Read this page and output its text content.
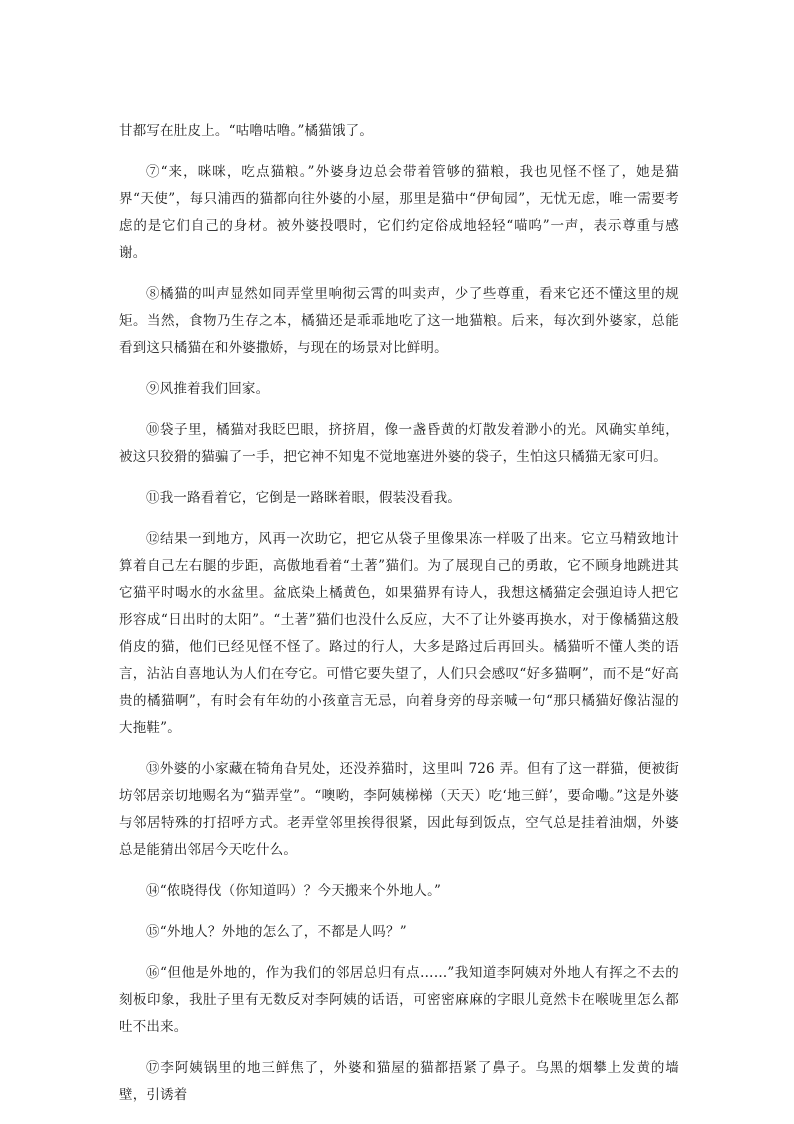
甘都写在肚皮上。“咕噜咕噜。”橘猫饿了。

⑦“来，咪咪，吃点猫粮。”外婆身边总会带着管够的猫粮，我也见怪不怪了，她是猫界“天使”，每只浦西的猫都向往外婆的小屋，那里是猫中“伊甸园”，无忧无虑，唯一需要考虑的是它们自己的身材。被外婆投喂时，它们约定俗成地轻轻“喵呜”一声，表示尊重与感谢。

⑧橘猫的叫声显然如同弄堂里响彻云霄的叫卖声，少了些尊重，看来它还不懂这里的规矩。当然，食物乃生存之本，橘猫还是乖乖地吃了这一地猫粮。后来，每次到外婆家，总能看到这只橘猫在和外婆撒娇，与现在的场景对比鲜明。

⑨风推着我们回家。

⑩袋子里，橘猫对我眨巴眼，挤挤眉，像一盏昏黄的灯散发着渺小的光。风确实单纯，被这只狡猾的猫骗了一手，把它神不知鬼不觉地塞进外婆的袋子，生怕这只橘猫无家可归。

⑪我一路看着它，它倒是一路眯着眼，假装没看我。

⑫结果一到地方，风再一次助它，把它从袋子里像果冻一样吸了出来。它立马精致地计算着自己左右腿的步距，高傲地看着“土著”猫们。为了展现自己的勇敢，它不顾身地跳进其它猫平时喝水的水盆里。盆底染上橘黄色，如果猫界有诗人，我想这橘猫定会强迫诗人把它形容成“日出时的太阳”。“土著”猫们也没什么反应，大不了让外婆再换水，对于像橘猫这般俏皮的猫，他们已经见怪不怪了。路过的行人，大多是路过后再回头。橘猫听不懂人类的语言，沾沾自喜地认为人们在夸它。可惜它要失望了，人们只会感叹“好多猫啊”，而不是“好高贵的橘猫啊”，有时会有年幼的小孩童言无忌，向着身旁的母亲喊一句“那只橘猫好像沾湿的大拖鞋”。

⑬外婆的小家藏在犄角旮旯处，还没养猫时，这里叫 726 弄。但有了这一群猫，便被街坊邻居亲切地赐名为“猫弄堂”。“噢哟，李阿姨梯梯（天天）吃‘地三鲜’，要命嘞。”这是外婆与邻居特殊的打招呼方式。老弄堂邻里挨得很紧，因此每到饭点，空气总是挂着油烟，外婆总是能猜出邻居今天吃什么。

⑭“侬晓得伐（你知道吗）？今天搬来个外地人。”

⑮“外地人？外地的怎么了，不都是人吗？”

⑯“但他是外地的，作为我们的邻居总归有点……”我知道李阿姨对外地人有挥之不去的刻板印象，我肚子里有无数反对李阿姨的话语，可密密麻麻的字眼儿竟然卡在喉咙里怎么都吐不出来。

⑰李阿姨锅里的地三鲜焦了，外婆和猫屋的猫都捂紧了鼻子。乌黑的烟攀上发黄的墙壁，引诱着
